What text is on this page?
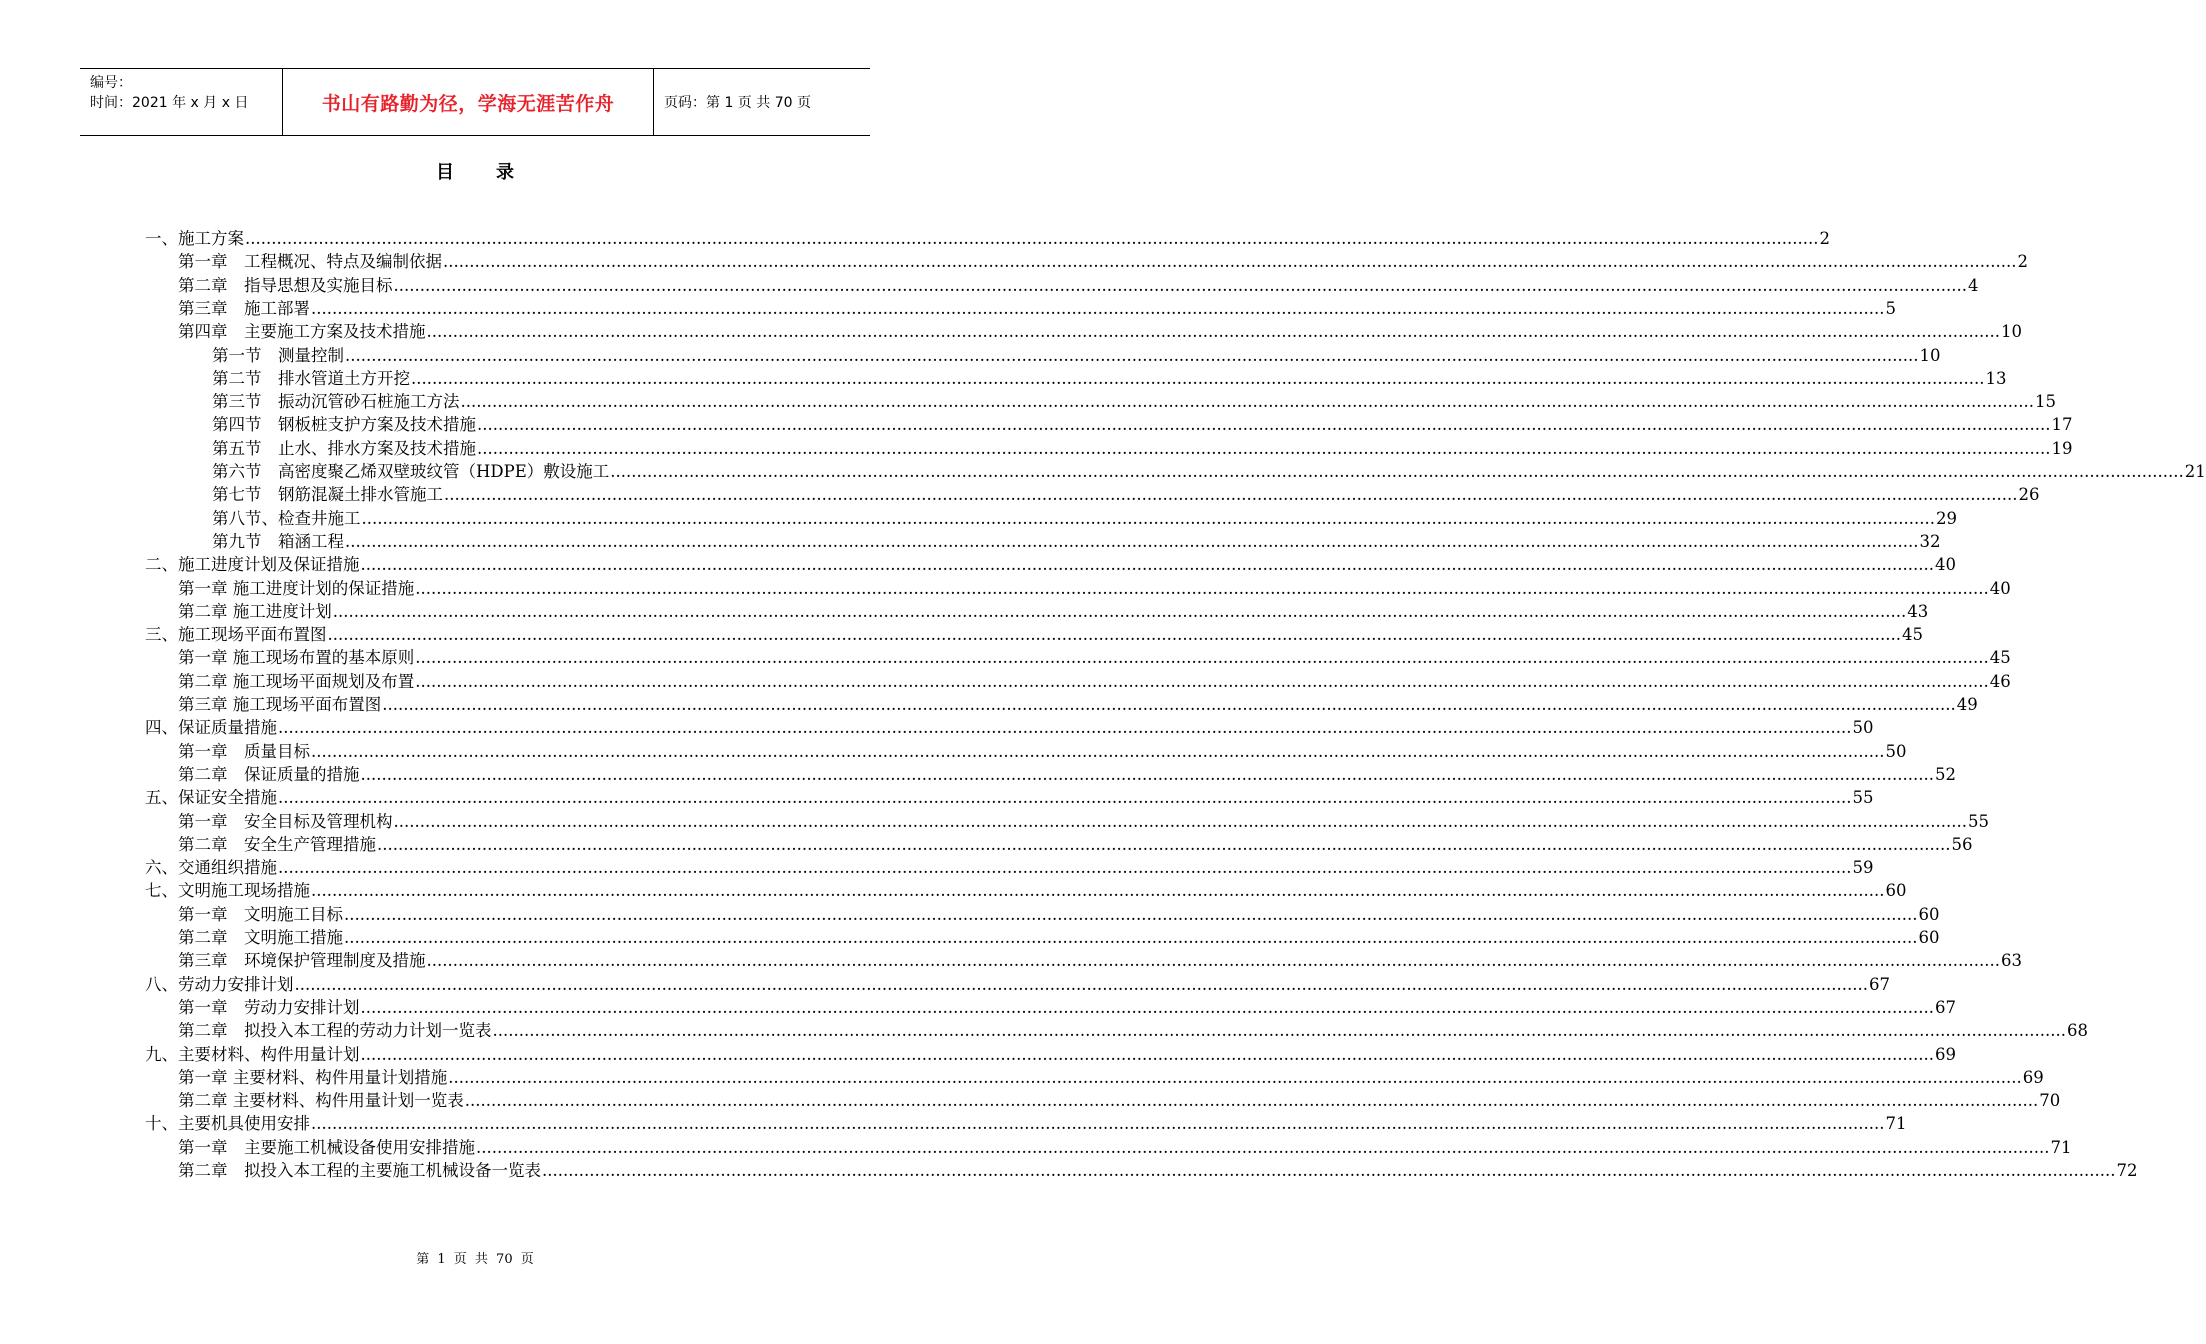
编号：
时间：2021 年 x 月 x 日	书山有路勤为径，学海无涯苦作舟	页码：第 1 页 共 70 页
目录
一、施工方案 ............................................................................................................................................................................................................................................................................................................ 2
第一章　工程概况、特点及编制依据 ............................................................................................................................................................................................................................................................................................................ 2
第二章　指导思想及实施目标 ............................................................................................................................................................................................................................................................................................................ 4
第三章　施工部署 ............................................................................................................................................................................................................................................................................................................ 5
第四章　主要施工方案及技术措施 ............................................................................................................................................................................................................................................................................................................ 10
第一节　测量控制 ............................................................................................................................................................................................................................................................................................................ 10
第二节　排水管道土方开挖 ............................................................................................................................................................................................................................................................................................................ 13
第三节　振动沉管砂石桩施工方法 ............................................................................................................................................................................................................................................................................................................ 15
第四节　钢板桩支护方案及技术措施 ............................................................................................................................................................................................................................................................................................................ 17
第五节　止水、排水方案及技术措施 ............................................................................................................................................................................................................................................................................................................ 19
第六节　高密度聚乙烯双壁玻纹管（HDPE）敷设施工 ............................................................................................................................................................................................................................................................................................................ 21
第七节　钢筋混凝土排水管施工 ............................................................................................................................................................................................................................................................................................................ 26
第八节、检查井施工 ............................................................................................................................................................................................................................................................................................................ 29
第九节　箱涵工程 ............................................................................................................................................................................................................................................................................................................ 32
二、施工进度计划及保证措施 ............................................................................................................................................................................................................................................................................................................ 40
第一章 施工进度计划的保证措施 ............................................................................................................................................................................................................................................................................................................ 40
第二章 施工进度计划 ............................................................................................................................................................................................................................................................................................................ 43
三、施工现场平面布置图 ............................................................................................................................................................................................................................................................................................................ 45
第一章 施工现场布置的基本原则 ............................................................................................................................................................................................................................................................................................................ 45
第二章 施工现场平面规划及布置 ............................................................................................................................................................................................................................................................................................................ 46
第三章 施工现场平面布置图 ............................................................................................................................................................................................................................................................................................................ 49
四、保证质量措施 ............................................................................................................................................................................................................................................................................................................ 50
第一章　质量目标 ............................................................................................................................................................................................................................................................................................................ 50
第二章　保证质量的措施 ............................................................................................................................................................................................................................................................................................................ 52
五、保证安全措施 ............................................................................................................................................................................................................................................................................................................ 55
第一章　安全目标及管理机构 ............................................................................................................................................................................................................................................................................................................ 55
第二章　安全生产管理措施 ............................................................................................................................................................................................................................................................................................................ 56
六、交通组织措施 ............................................................................................................................................................................................................................................................................................................ 59
七、文明施工现场措施 ............................................................................................................................................................................................................................................................................................................ 60
第一章　文明施工目标 ............................................................................................................................................................................................................................................................................................................ 60
第二章　文明施工措施 ............................................................................................................................................................................................................................................................................................................ 60
第三章　环境保护管理制度及措施 ............................................................................................................................................................................................................................................................................................................ 63
八、劳动力安排计划 ............................................................................................................................................................................................................................................................................................................ 67
第一章　劳动力安排计划 ............................................................................................................................................................................................................................................................................................................ 67
第二章　拟投入本工程的劳动力计划一览表 ............................................................................................................................................................................................................................................................................................................ 68
九、主要材料、构件用量计划 ............................................................................................................................................................................................................................................................................................................ 69
第一章 主要材料、构件用量计划措施 ............................................................................................................................................................................................................................................................................................................ 69
第二章 主要材料、构件用量计划一览表 ............................................................................................................................................................................................................................................................................................................ 70
十、主要机具使用安排 ............................................................................................................................................................................................................................................................................................................ 71
第一章　主要施工机械设备使用安排措施 ............................................................................................................................................................................................................................................................................................................ 71
第二章　拟投入本工程的主要施工机械设备一览表 ............................................................................................................................................................................................................................................................................................................ 72
第 1 页 共 70 页
